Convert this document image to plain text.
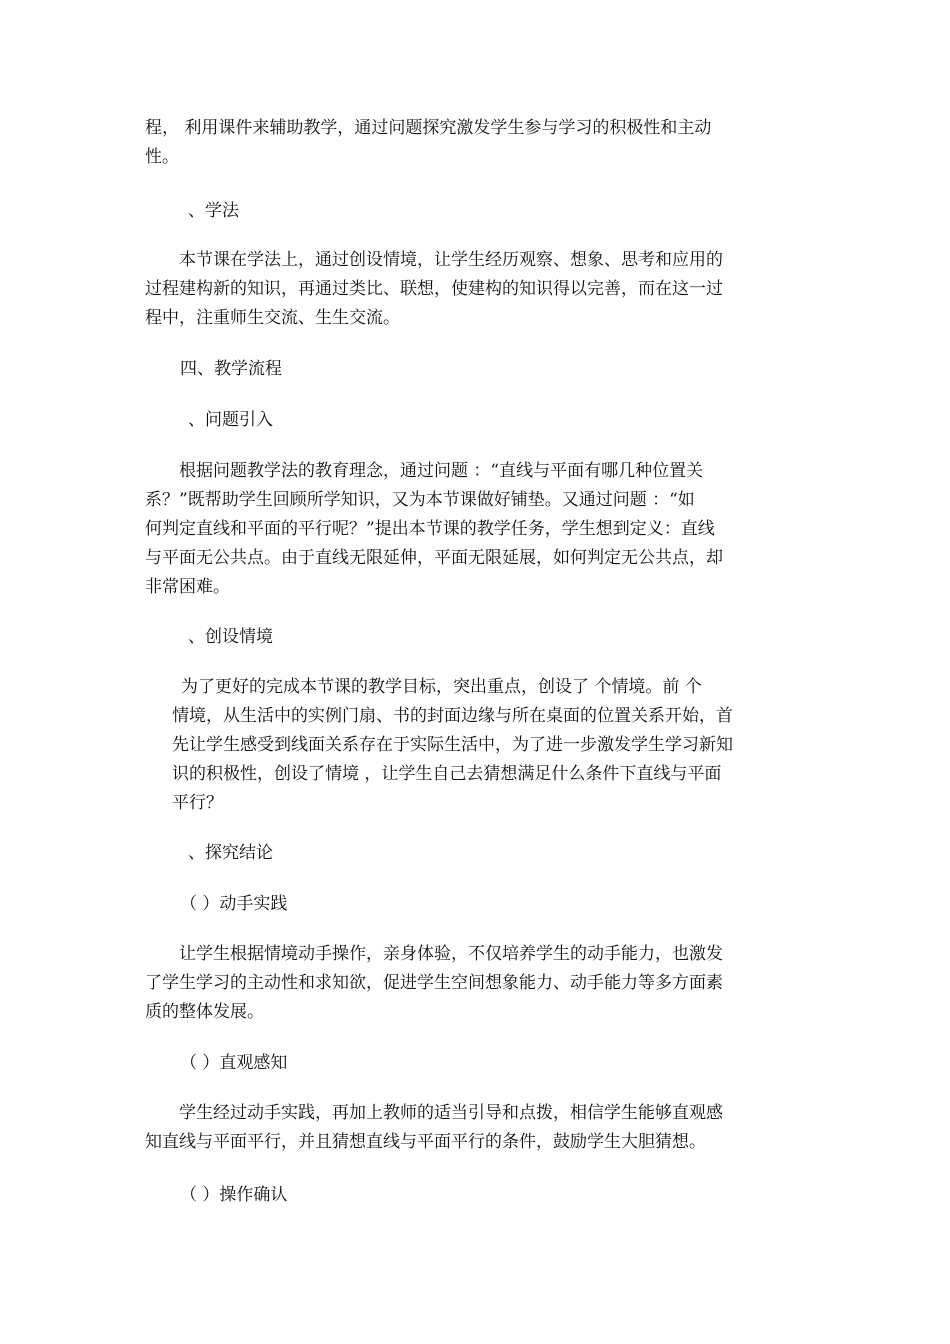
程， 利用课件来辅助教学，通过问题探究激发学生参与学习的积极性和主动
性。
、学法
本节课在学法上，通过创设情境，让学生经历观察、想象、思考和应用的
过程建构新的知识，再通过类比、联想，使建构的知识得以完善，而在这一过
程中，注重师生交流、生生交流。
四、教学流程
、问题引入
根据问题教学法的教育理念，通过问题 ：“直线与平面有哪几种位置关
系？”既帮助学生回顾所学知识，又为本节课做好铺垫。又通过问题 ：“如
何判定直线和平面的平行呢？”提出本节课的教学任务，学生想到定义：直线
与平面无公共点。由于直线无限延伸，平面无限延展，如何判定无公共点，却
非常困难。
、创设情境
为了更好的完成本节课的教学目标，突出重点，创设了 个情境。前 个
情境，从生活中的实例门扇、书的封面边缘与所在桌面的位置关系开始，首
先让学生感受到线面关系存在于实际生活中，为了进一步激发学生学习新知
识的积极性，创设了情境 ，让学生自己去猜想满足什么条件下直线与平面
平行？
、探究结论
（ ）动手实践
让学生根据情境动手操作，亲身体验，不仅培养学生的动手能力，也激发
了学生学习的主动性和求知欲，促进学生空间想象能力、动手能力等多方面素
质的整体发展。
（ ）直观感知
学生经过动手实践，再加上教师的适当引导和点拨，相信学生能够直观感
知直线与平面平行，并且猜想直线与平面平行的条件，鼓励学生大胆猜想。
（ ）操作确认
